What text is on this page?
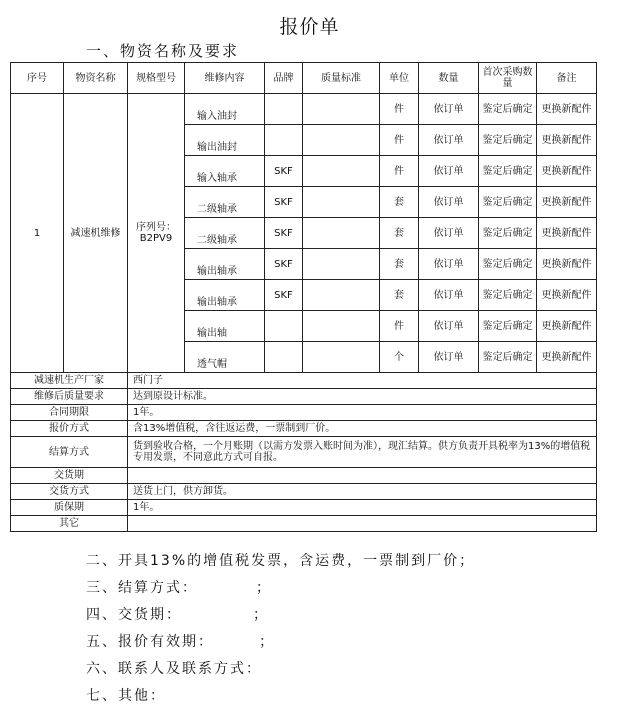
报价单
一、物资名称及要求
序号	物资名称	规格型号	维修内容	品牌	质量标准	单位	数量	首次采购数量	备注
1	减速机维修	序列号：B2PV9	输入油封			件	依订单	鉴定后确定	更换新配件
			输出油封			件	依订单	鉴定后确定	更换新配件
			输入轴承	SKF		件	依订单	鉴定后确定	更换新配件
			二级轴承	SKF		套	依订单	鉴定后确定	更换新配件
			二级轴承	SKF		套	依订单	鉴定后确定	更换新配件
			输出轴承	SKF		套	依订单	鉴定后确定	更换新配件
			输出轴承	SKF		套	依订单	鉴定后确定	更换新配件
			输出轴			件	依订单	鉴定后确定	更换新配件
			透气帽			个	依订单	鉴定后确定	更换新配件
减速机生产厂家		西门子							
维修后质量要求		达到原设计标准。							
合同期限		1年。							
报价方式		含13%增值税，含往返运费，一票制到厂价。							
结算方式		货到验收合格，一个月账期（以需方发票入账时间为准），现汇结算。供方负责开具税率为13%的增值税专用发票，不同意此方式可自报。							
交货期									
交货方式		送货上门，供方卸货。							
质保期		1年。							
其它									
二、开具13%的增值税发票，含运费，一票制到厂价；
三、结算方式：         ；
四、交货期：           ；
五、报价有效期：       ；
六、联系人及联系方式：
七、其他：
